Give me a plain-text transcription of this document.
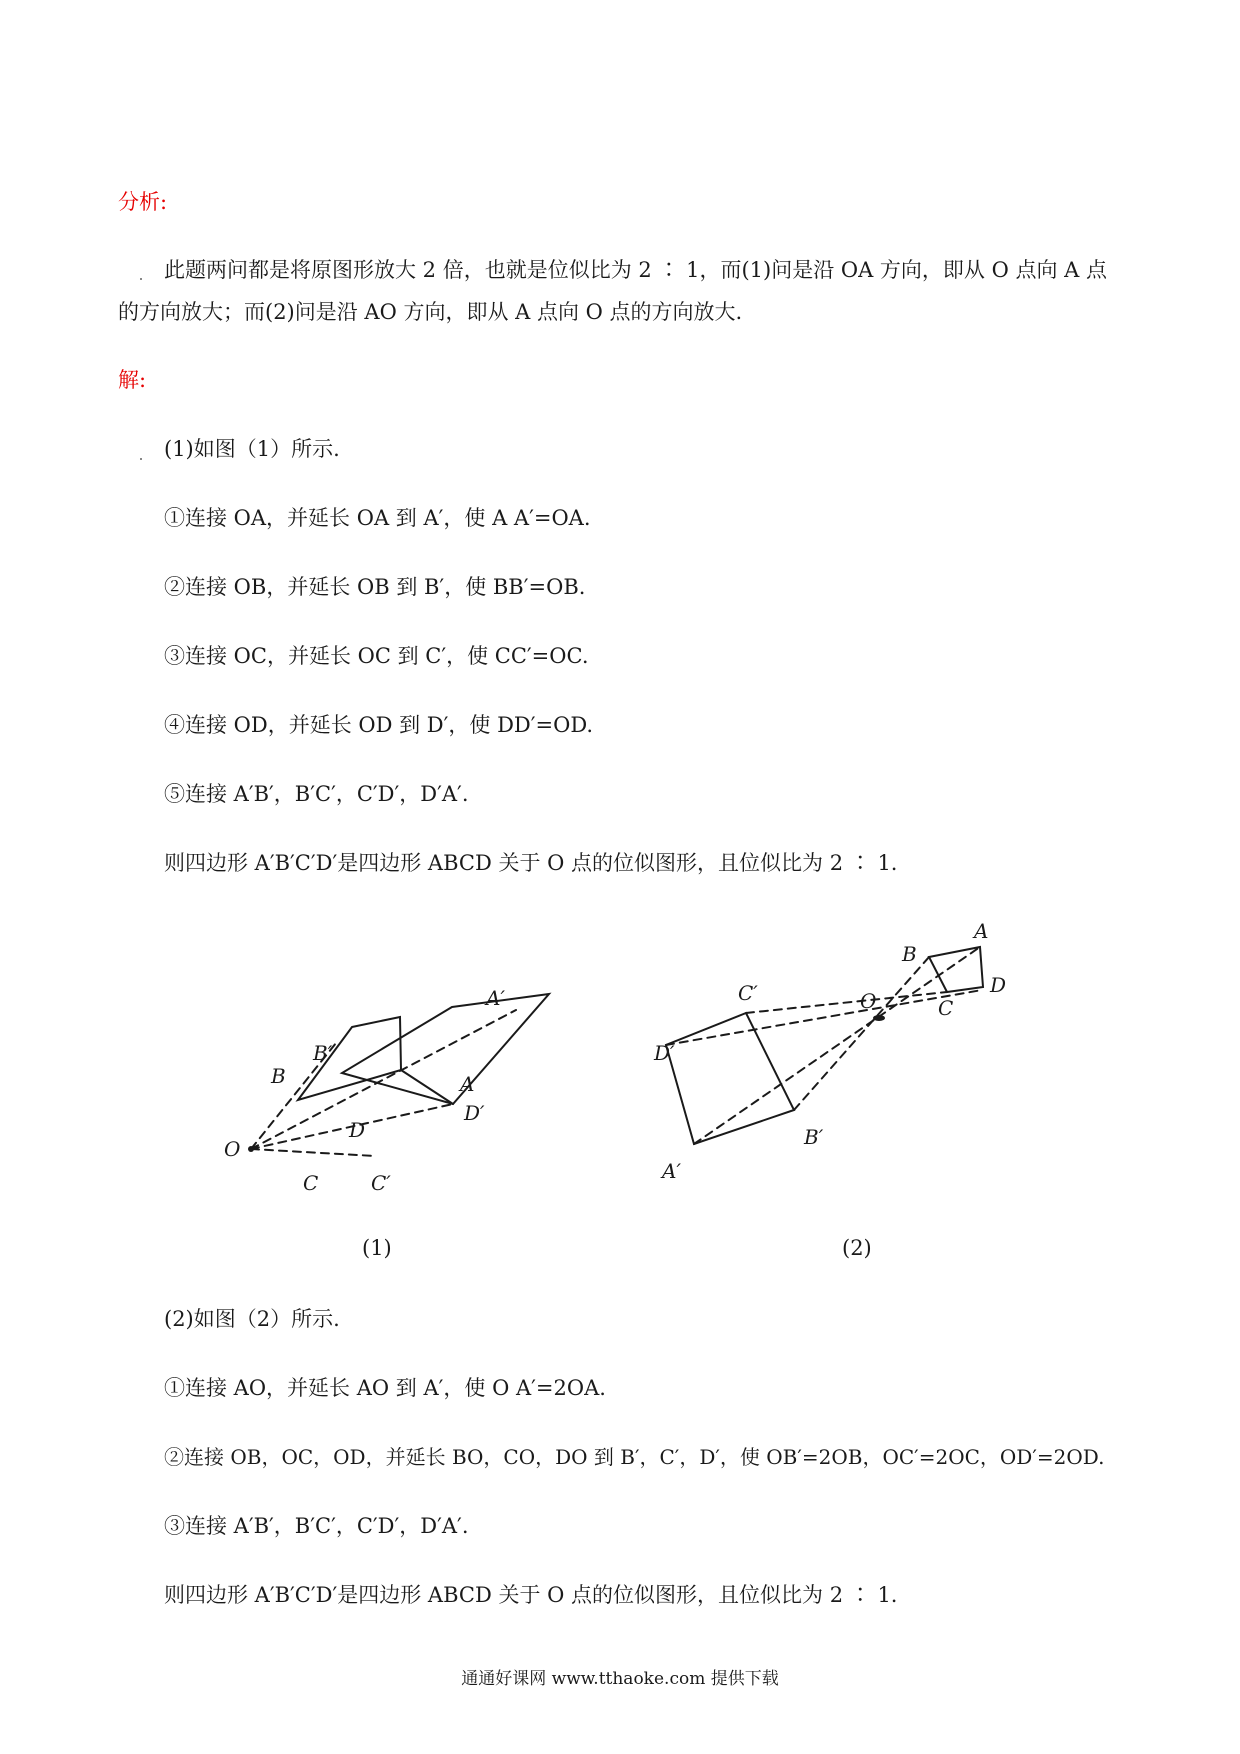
分析:
此题两问都是将原图形放大 2 倍，也就是位似比为 2 ∶ 1，而(1)问是沿 OA 方向，即从 O 点向 A 点
的方向放大；而(2)问是沿 AO 方向，即从 A 点向 O 点的方向放大.
解:
(1)如图（1）所示.
①连接 OA，并延长 OA 到 A′，使 A A′=OA.
②连接 OB，并延长 OB 到 B′，使 BB′=OB.
③连接 OC，并延长 OC 到 C′，使 CC′=OC.
④连接 OD，并延长 OD 到 D′，使 DD′=OD.
⑤连接 A′B′，B′C′，C′D′，D′A′.
则四边形 A′B′C′D′是四边形 ABCD 关于 O 点的位似图形，且位似比为 2 ∶ 1.
O
A
B
C
D
A′
B′
C′
D′
O
A
B
C
D
A′
B′
C′
D′
(1)	(2)
(2)如图（2）所示.
①连接 AO，并延长 AO 到 A′，使 O A′=2OA.
②连接 OB，OC，OD，并延长 BO，CO，DO 到 B′，C′，D′，使 OB′=2OB，OC′=2OC，OD′=2OD.
③连接 A′B′，B′C′，C′D′，D′A′.
则四边形 A′B′C′D′是四边形 ABCD 关于 O 点的位似图形，且位似比为 2 ∶ 1.
通通好课网 www.tthaoke.com 提供下载
